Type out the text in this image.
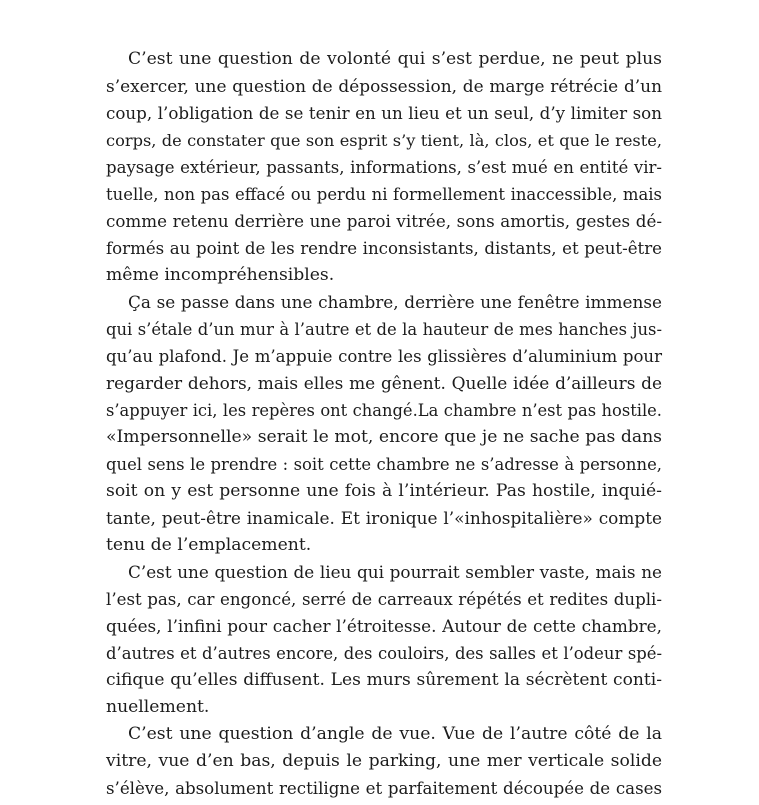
C’est une question de volonté qui s’est perdue, ne peut plus
s’exercer, une question de dépossession, de marge rétrécie d’un
coup, l’obligation de se tenir en un lieu et un seul, d’y limiter son
corps, de constater que son esprit s’y tient, là, clos, et que le reste,
paysage extérieur, passants, informations, s’est mué en entité vir-
tuelle, non pas effacé ou perdu ni formellement inaccessible, mais
comme retenu derrière une paroi vitrée, sons amortis, gestes dé-
formés au point de les rendre inconsistants, distants, et peut-être
même incompréhensibles.

Ça se passe dans une chambre, derrière une fenêtre immense
qui s’étale d’un mur à l’autre et de la hauteur de mes hanches jus-
qu’au plafond. Je m’appuie contre les glissières d’aluminium pour
regarder dehors, mais elles me gênent. Quelle idée d’ailleurs de
s’appuyer ici, les repères ont changé.La chambre n’est pas hostile.
«Impersonnelle» serait le mot, encore que je ne sache pas dans
quel sens le prendre : soit cette chambre ne s’adresse à personne,
soit on y est personne une fois à l’intérieur. Pas hostile, inquié-
tante, peut-être inamicale. Et ironique l’«inhospitalière» compte
tenu de l’emplacement.

C’est une question de lieu qui pourrait sembler vaste, mais ne
l’est pas, car engoncé, serré de carreaux répétés et redites dupli-
quées, l’infini pour cacher l’étroitesse. Autour de cette chambre,
d’autres et d’autres encore, des couloirs, des salles et l’odeur spé-
cifique qu’elles diffusent. Les murs sûrement la sécrètent conti-
nuellement.

C’est une question d’angle de vue. Vue de l’autre côté de la
vitre, vue d’en bas, depuis le parking, une mer verticale solide
s’élève, absolument rectiligne et parfaitement découpée de cases
